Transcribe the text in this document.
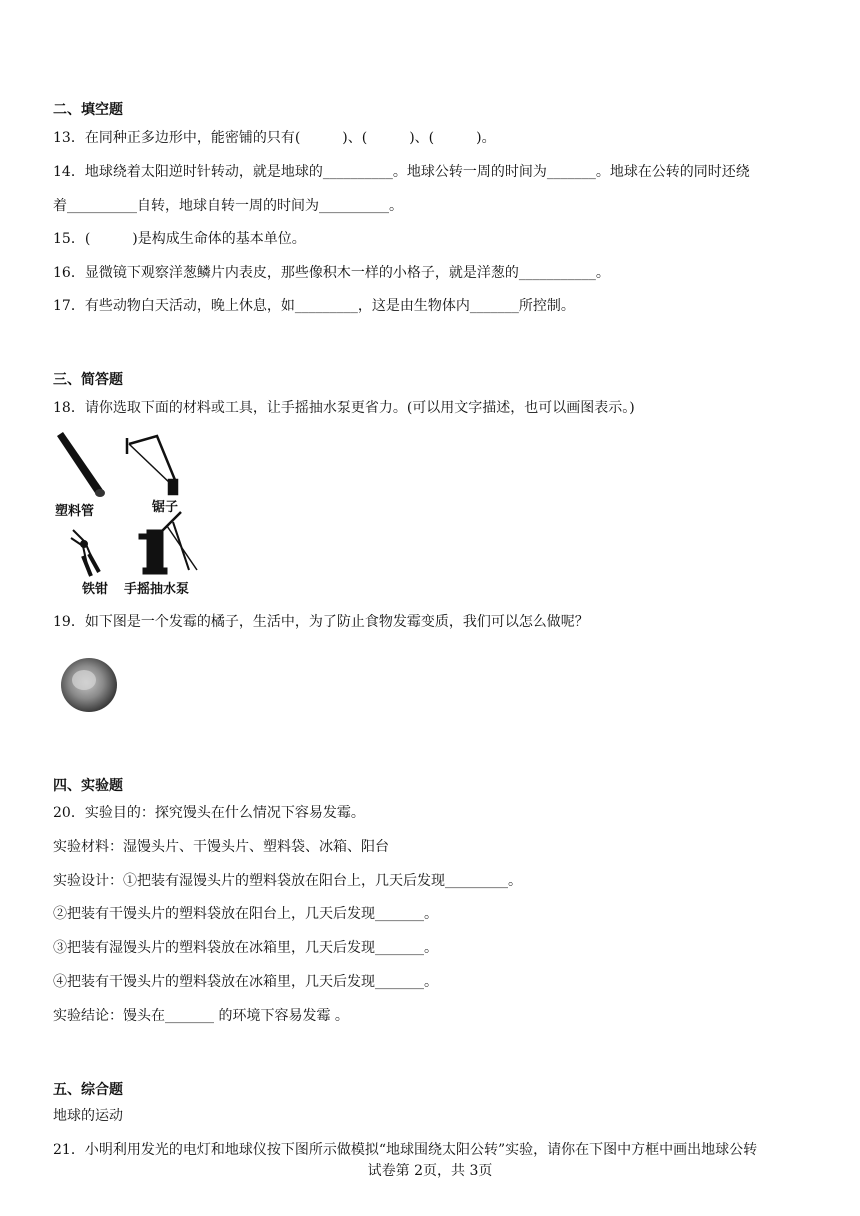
二、填空题
13．在同种正多边形中，能密铺的只有(　　　)、(　　　)、(　　　)。
14．地球绕着太阳逆时针转动，就是地球的__________。地球公转一周的时间为_______。地球在公转的同时还绕
着__________自转，地球自转一周的时间为__________。
15．(　　　)是构成生命体的基本单位。
16．显微镜下观察洋葱鳞片内表皮，那些像积木一样的小格子，就是洋葱的___________。
17．有些动物白天活动，晚上休息，如_________，这是由生物体内_______所控制。
三、简答题
18．请你选取下面的材料或工具，让手摇抽水泵更省力。(可以用文字描述，也可以画图表示。)
塑料管	锯子
铁钳 手摇抽水泵
19．如下图是一个发霉的橘子，生活中，为了防止食物发霉变质，我们可以怎么做呢？
四、实验题
20．实验目的：探究馒头在什么情况下容易发霉。
实验材料：湿馒头片、干馒头片、塑料袋、冰箱、阳台
实验设计：①把装有湿馒头片的塑料袋放在阳台上，几天后发现_________。
②把装有干馒头片的塑料袋放在阳台上，几天后发现_______。
③把装有湿馒头片的塑料袋放在冰箱里，几天后发现_______。
④把装有干馒头片的塑料袋放在冰箱里，几天后发现_______。
实验结论：馒头在_______ 的环境下容易发霉 。
五、综合题
地球的运动
21．小明利用发光的电灯和地球仪按下图所示做模拟“地球围绕太阳公转”实验，请你在下图中方框中画出地球公转
试卷第 2页，共 3页
